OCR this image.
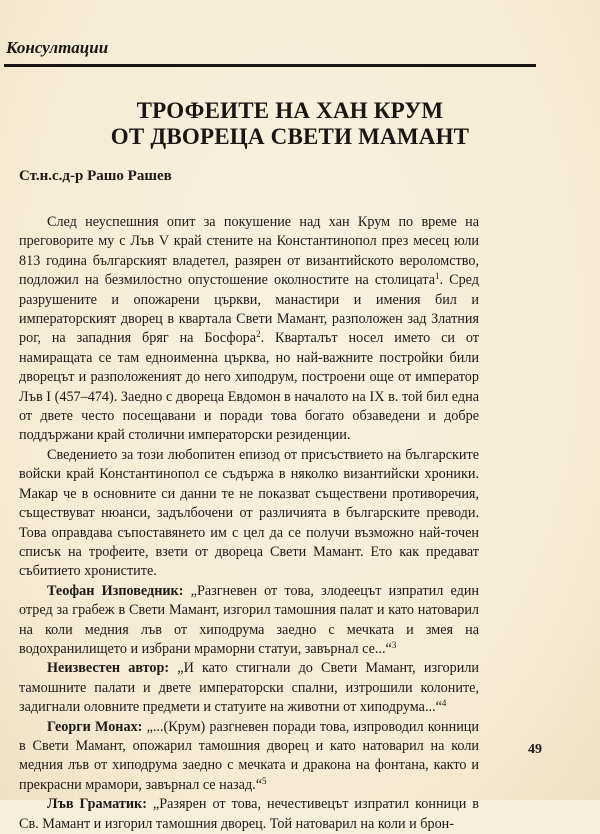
Консултации
ТРОФЕИТЕ НА ХАН КРУМ
ОТ ДВОРЕЦА СВЕТИ МАМАНТ
Ст.н.с.д-р Рашо Рашев

След неуспешния опит за покушение над хан Крум по време на преговорите му с Лъв V край стените на Константинопол през месец юли 813 година българският владетел, разярен от византийското вероломство, подложил на безмилостно опустошение околностите на столицата$^1$. Сред разрушените и опожарени църкви, манастири и имения бил и императорският дворец в квартала Свети Мамант, разположен зад Златния рог, на западния бряг на Босфора$^2$. Кварталът носел името си от намиращата се там едноименна църква, но най-важните постройки били дворецът и разположеният до него хиподрум, построени още от император Лъв I (457–474). Заедно с двореца Евдомон в началото на IX в. той бил една от двете често посещавани и поради това богато обзаведени и добре поддържани край столични императорски резиденции.

Сведението за този любопитен епизод от присъствието на българските войски край Константинопол се съдържа в няколко византийски хроники. Макар че в основните си данни те не показват съществени противоречия, съществуват нюанси, задълбочени от различията в българските преводи. Това оправдава съпоставянето им с цел да се получи възможно най-точен списък на трофеите, взети от двореца Свети Мамант. Ето как предават събитието хронистите.

Теофан Изповедник: „Разгневен от това, злодеецът изпратил един отред за грабеж в Свети Мамант, изгорил тамошния палат и като натоварил на коли медния лъв от хиподрума заедно с мечката и змея на водохранилището и избрани мраморни статуи, завърнал се...“$^3$

Неизвестен автор: „И като стигнали до Свети Мамант, изгорили тамошните палати и двете императорски спални, изтрошили колоните, задигнали оловните предмети и статуите на животни от хиподрума...“$^4$

Георги Монах: „...(Крум) разгневен поради това, изпроводил конници в Свети Мамант, опожарил тамошния дворец и като натоварил на коли медния лъв от хиподрума заедно с мечката и дракона на фонтана, както и прекрасни мрамори, завърнал се назад.“$^5$

Лъв Граматик: „Разярен от това, нечестивецът изпратил конници в Св. Мамант и изгорил тамошния дворец. Той натоварил на коли и брон-

49
